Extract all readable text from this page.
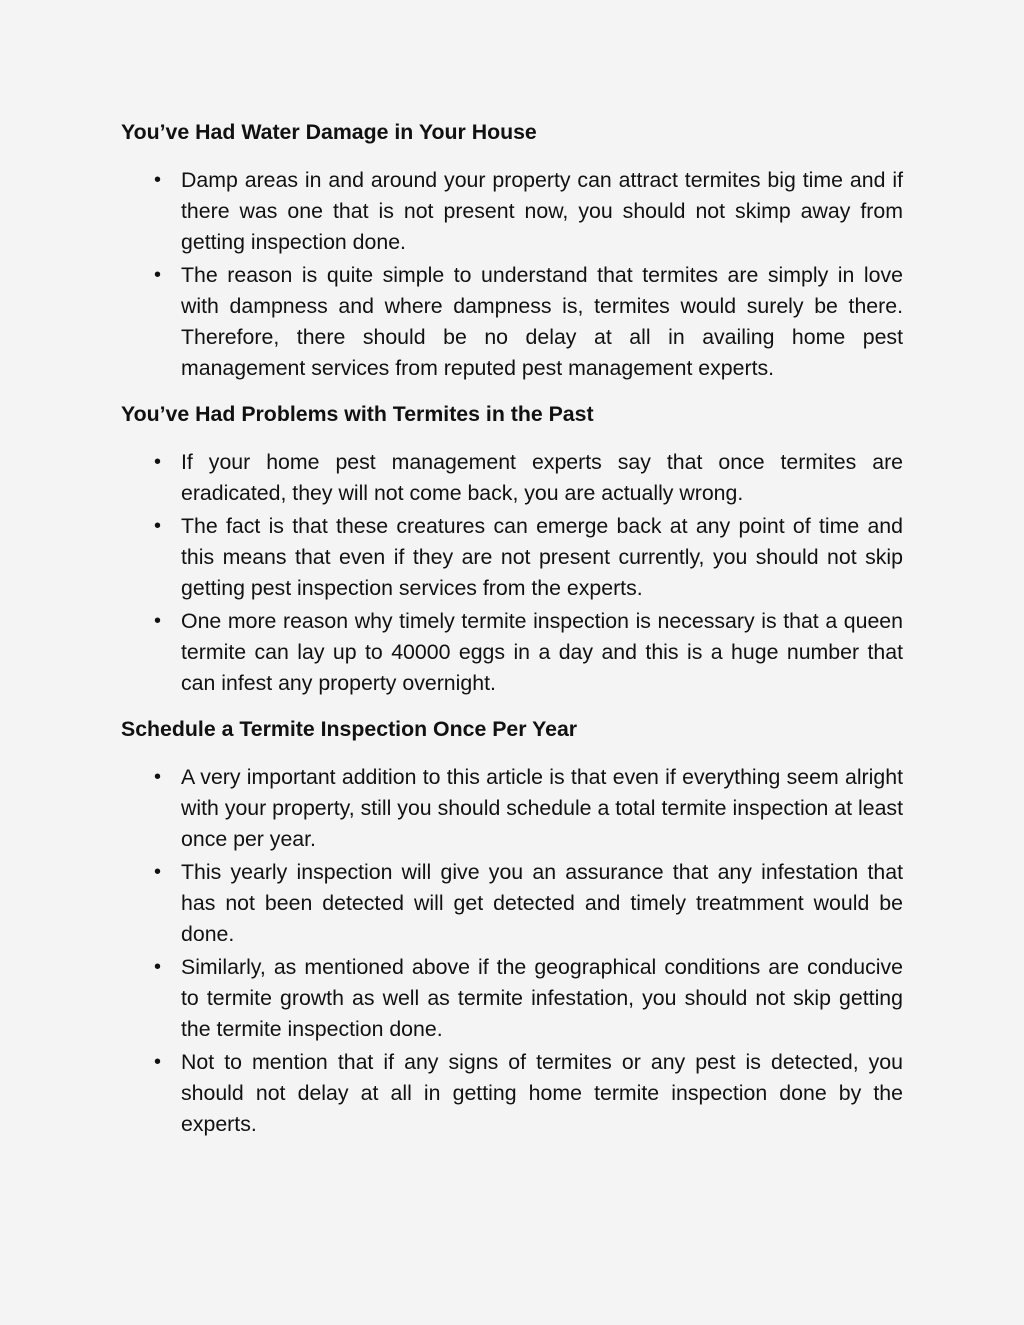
You’ve Had Water Damage in Your House
• Damp areas in and around your property can attract termites big time and if there was one that is not present now, you should not skimp away from getting inspection done.
• The reason is quite simple to understand that termites are simply in love with dampness and where dampness is, termites would surely be there. Therefore, there should be no delay at all in availing home pest management services from reputed pest management experts.
You’ve Had Problems with Termites in the Past
• If your home pest management experts say that once termites are eradicated, they will not come back, you are actually wrong.
• The fact is that these creatures can emerge back at any point of time and this means that even if they are not present currently, you should not skip getting pest inspection services from the experts.
• One more reason why timely termite inspection is necessary is that a queen termite can lay up to 40000 eggs in a day and this is a huge number that can infest any property overnight.
Schedule a Termite Inspection Once Per Year
• A very important addition to this article is that even if everything seem alright with your property, still you should schedule a total termite inspection at least once per year.
• This yearly inspection will give you an assurance that any infestation that has not been detected will get detected and timely treatmment would be done.
• Similarly, as mentioned above if the geographical conditions are conducive to termite growth as well as termite infestation, you should not skip getting the termite inspection done.
• Not to mention that if any signs of termites or any pest is detected, you should not delay at all in getting home termite inspection done by the experts.
